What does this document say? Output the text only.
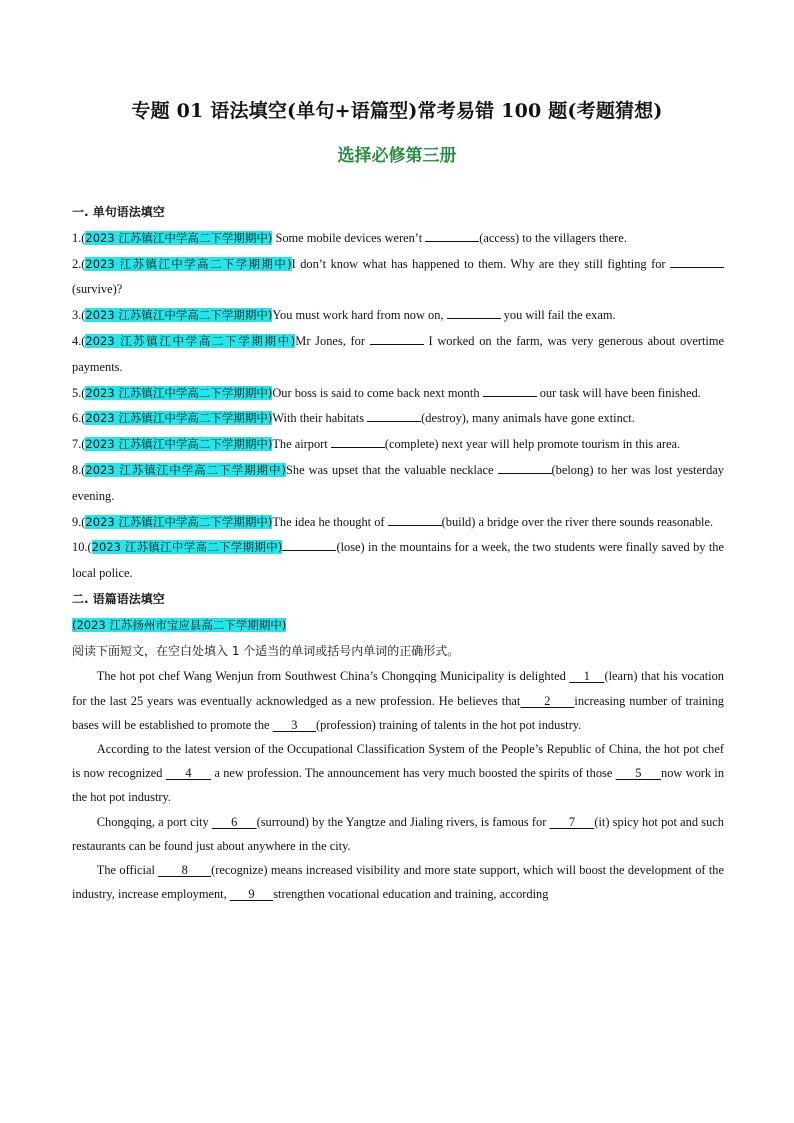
专题 01 语法填空(单句+语篇型)常考易错 100 题(考题猜想)
选择必修第三册
一. 单句语法填空
1.(2023 江苏镇江中学高二下学期期中) Some mobile devices weren’t	(access) to the villagers there.
2.(2023 江苏镇江中学高二下学期期中)I don’t know what has happened to them. Why are they still fighting for (survive)?
3.(2023 江苏镇江中学高二下学期期中)You must work hard from now on,	you will fail the exam.
4.(2023 江苏镇江中学高二下学期期中)Mr Jones, for	I worked on the farm, was very generous about overtime payments.
5.(2023 江苏镇江中学高二下学期期中)Our boss is said to come back next month	our task will have been finished.
6.(2023 江苏镇江中学高二下学期期中)With their habitats	(destroy), many animals have gone extinct.
7.(2023 江苏镇江中学高二下学期期中)The airport	(complete) next year will help promote tourism in this area.
8.(2023 江苏镇江中学高二下学期期中)She was upset that the valuable necklace	(belong) to her was lost yesterday evening.
9.(2023 江苏镇江中学高二下学期期中)The idea he thought of	(build) a bridge over the river there sounds reasonable.
10.(2023 江苏镇江中学高二下学期期中)	(lose) in the mountains for a week, the two students were finally saved by the local police.
二. 语篇语法填空
(2023 江苏扬州市宝应县高二下学期期中)
阅读下面短文，在空白处填入 1 个适当的单词或括号内单词的正确形式。
The hot pot chef Wang Wenjun from Southwest China’s Chongqing Municipality is delighted     1    (learn) that his vocation for the last 25 years was eventually acknowledged as a new profession. He believes that      2      increasing number of training bases will be established to promote the       3      (profession) training of talents in the hot pot industry.
According to the latest version of the Occupational Classification System of the People’s Republic of China, the hot pot chef is now recognized       4       a new profession. The announcement has very much boosted the spirits of those       5      now work in the hot pot industry.
Chongqing, a port city       6      (surround) by the Yangtze and Jialing rivers, is famous for       7      (it) spicy hot pot and such restaurants can be found just about anywhere in the city.
The official        8       (recognize) means increased visibility and more state support, which will boost the development of the industry, increase employment,       9      strengthen vocational education and training, according
